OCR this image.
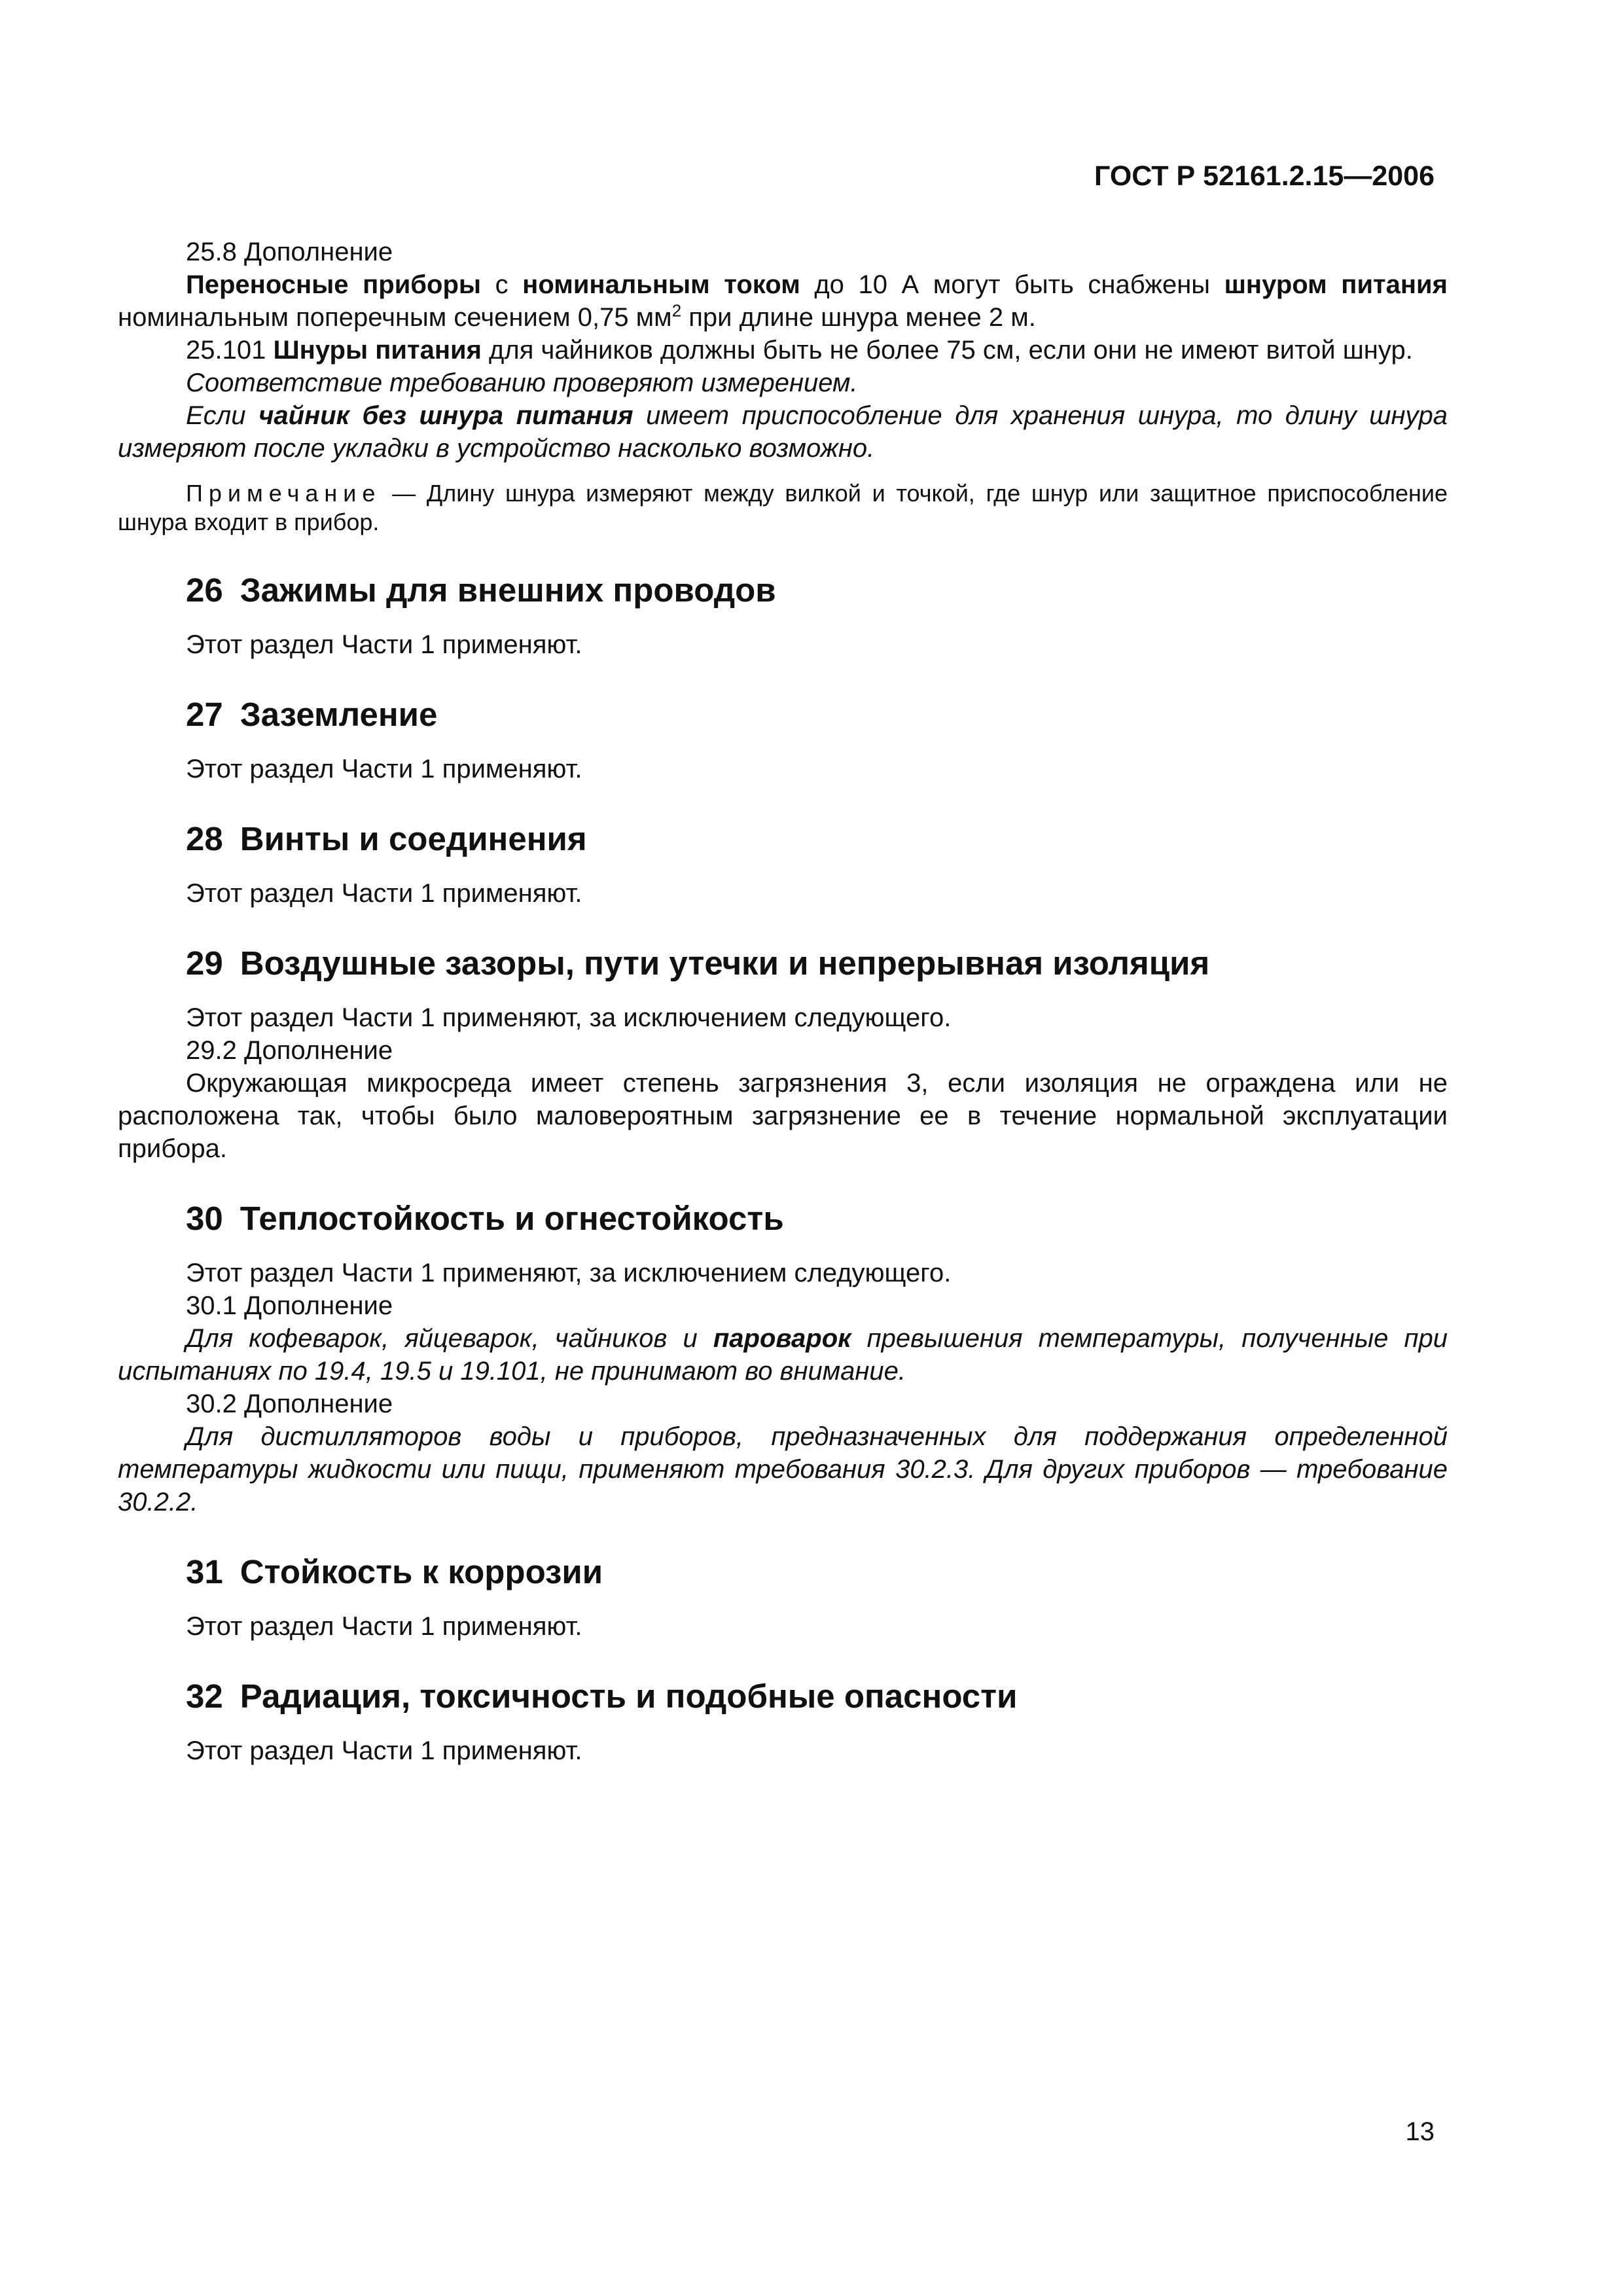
ГОСТ Р 52161.2.15—2006

25.8 Дополнение

Переносные приборы с номинальным током до 10 А могут быть снабжены шнуром питания номинальным поперечным сечением 0,75 $мм^2$ при длине шнура менее 2 м.

25.101 Шнуры питания для чайников должны быть не более 75 см, если они не имеют витой шнур.

Соответствие требованию проверяют измерением.

Если чайник без шнура питания имеет приспособление для хранения шнура, то длину шнура измеряют после укладки в устройство насколько возможно.

Примечание — Длину шнура измеряют между вилкой и точкой, где шнур или защитное приспособление шнура входит в прибор.

26 Зажимы для внешних проводов

Этот раздел Части 1 применяют.

27 Заземление

Этот раздел Части 1 применяют.

28 Винты и соединения

Этот раздел Части 1 применяют.

29 Воздушные зазоры, пути утечки и непрерывная изоляция

Этот раздел Части 1 применяют, за исключением следующего.

29.2 Дополнение

Окружающая микросреда имеет степень загрязнения 3, если изоляция не ограждена или не расположена так, чтобы было маловероятным загрязнение ее в течение нормальной эксплуатации прибора.

30 Теплостойкость и огнестойкость

Этот раздел Части 1 применяют, за исключением следующего.

30.1 Дополнение

Для кофеварок, яйцеварок, чайников и пароварок превышения температуры, полученные при испытаниях по 19.4, 19.5 и 19.101, не принимают во внимание.

30.2 Дополнение

Для дистилляторов воды и приборов, предназначенных для поддержания определенной температуры жидкости или пищи, применяют требования 30.2.3. Для других приборов — требование 30.2.2.

31 Стойкость к коррозии

Этот раздел Части 1 применяют.

32 Радиация, токсичность и подобные опасности

Этот раздел Части 1 применяют.

13
